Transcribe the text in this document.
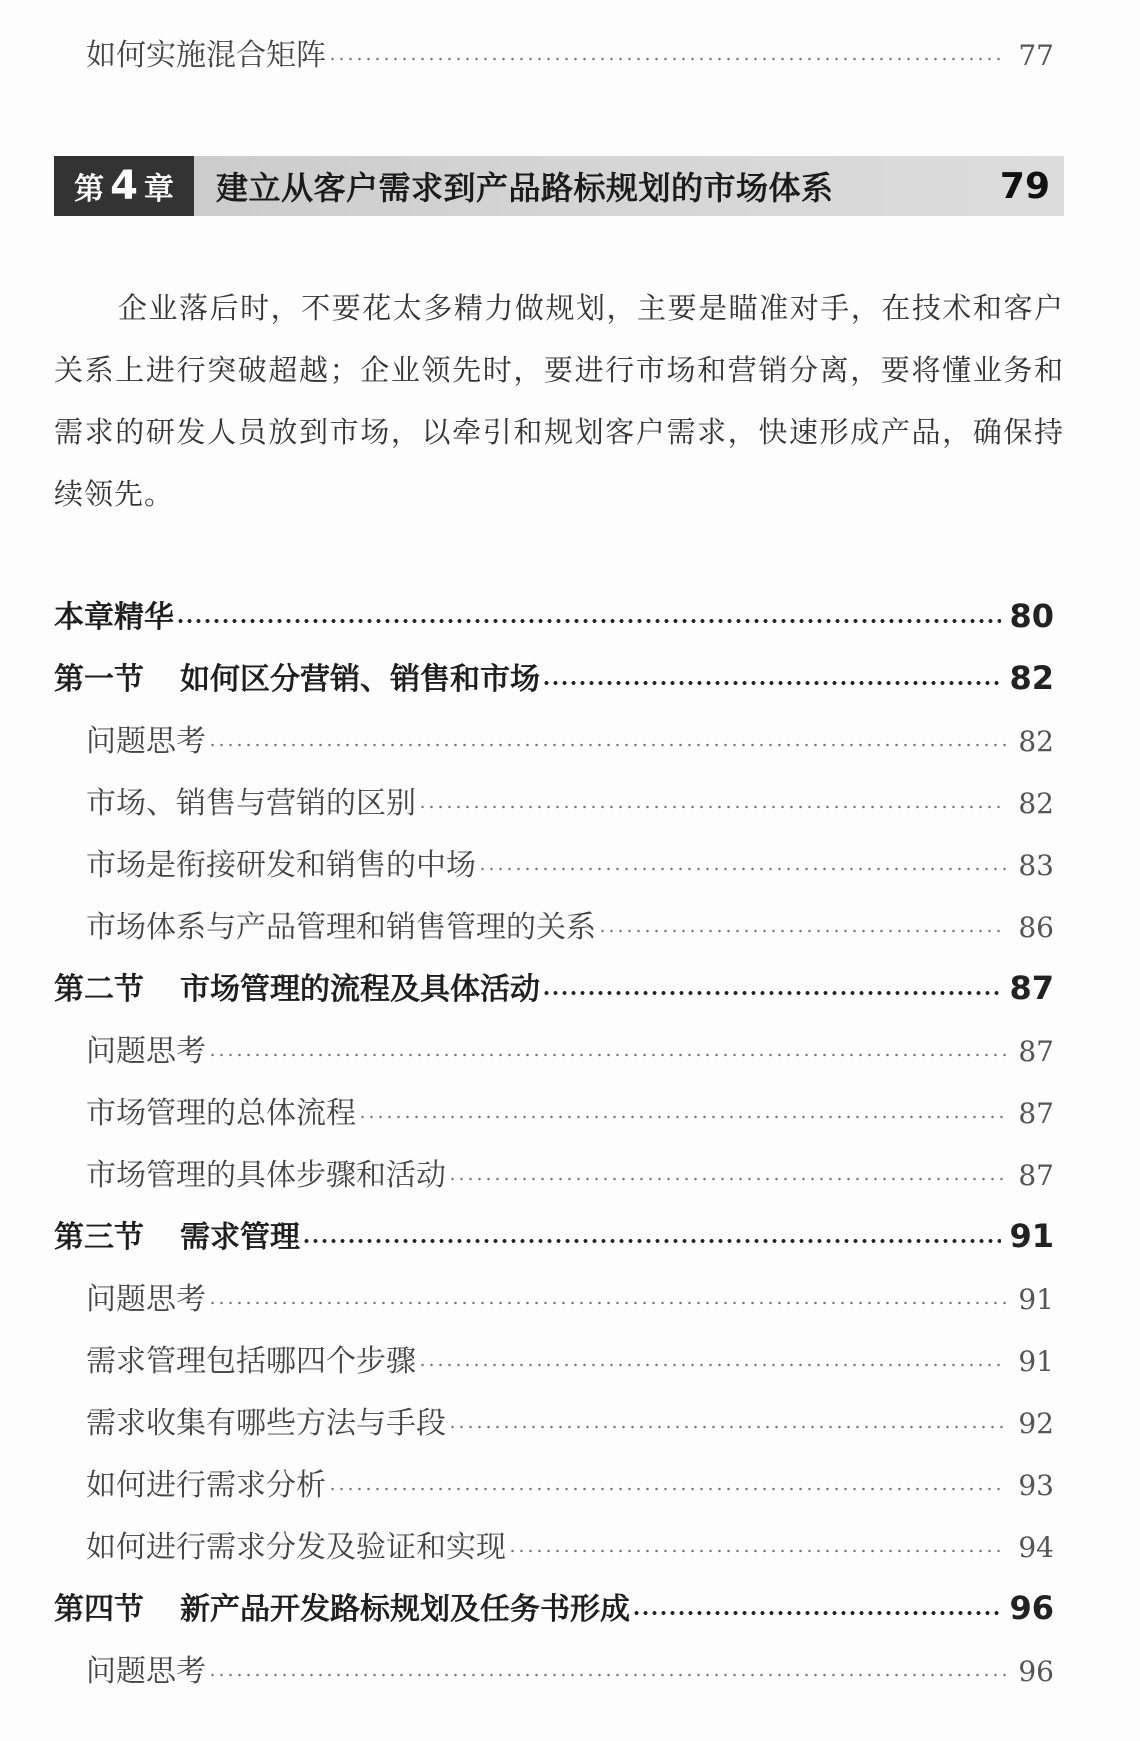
如何实施混合矩阵	77
第 4 章	建立从客户需求到产品路标规划的市场体系	79

企业落后时，不要花太多精力做规划，主要是瞄准对手，在技术和客户关系上进行突破超越；企业领先时，要进行市场和营销分离，要将懂业务和需求的研发人员放到市场，以牵引和规划客户需求，快速形成产品，确保持续领先。

本章精华	80
第一节 如何区分营销、销售和市场	82
问题思考	82
市场、销售与营销的区别	82
市场是衔接研发和销售的中场	83
市场体系与产品管理和销售管理的关系	86
第二节 市场管理的流程及具体活动	87
问题思考	87
市场管理的总体流程	87
市场管理的具体步骤和活动	87
第三节 需求管理	91
问题思考	91
需求管理包括哪四个步骤	91
需求收集有哪些方法与手段	92
如何进行需求分析	93
如何进行需求分发及验证和实现	94
第四节 新产品开发路标规划及任务书形成	96
问题思考	96
